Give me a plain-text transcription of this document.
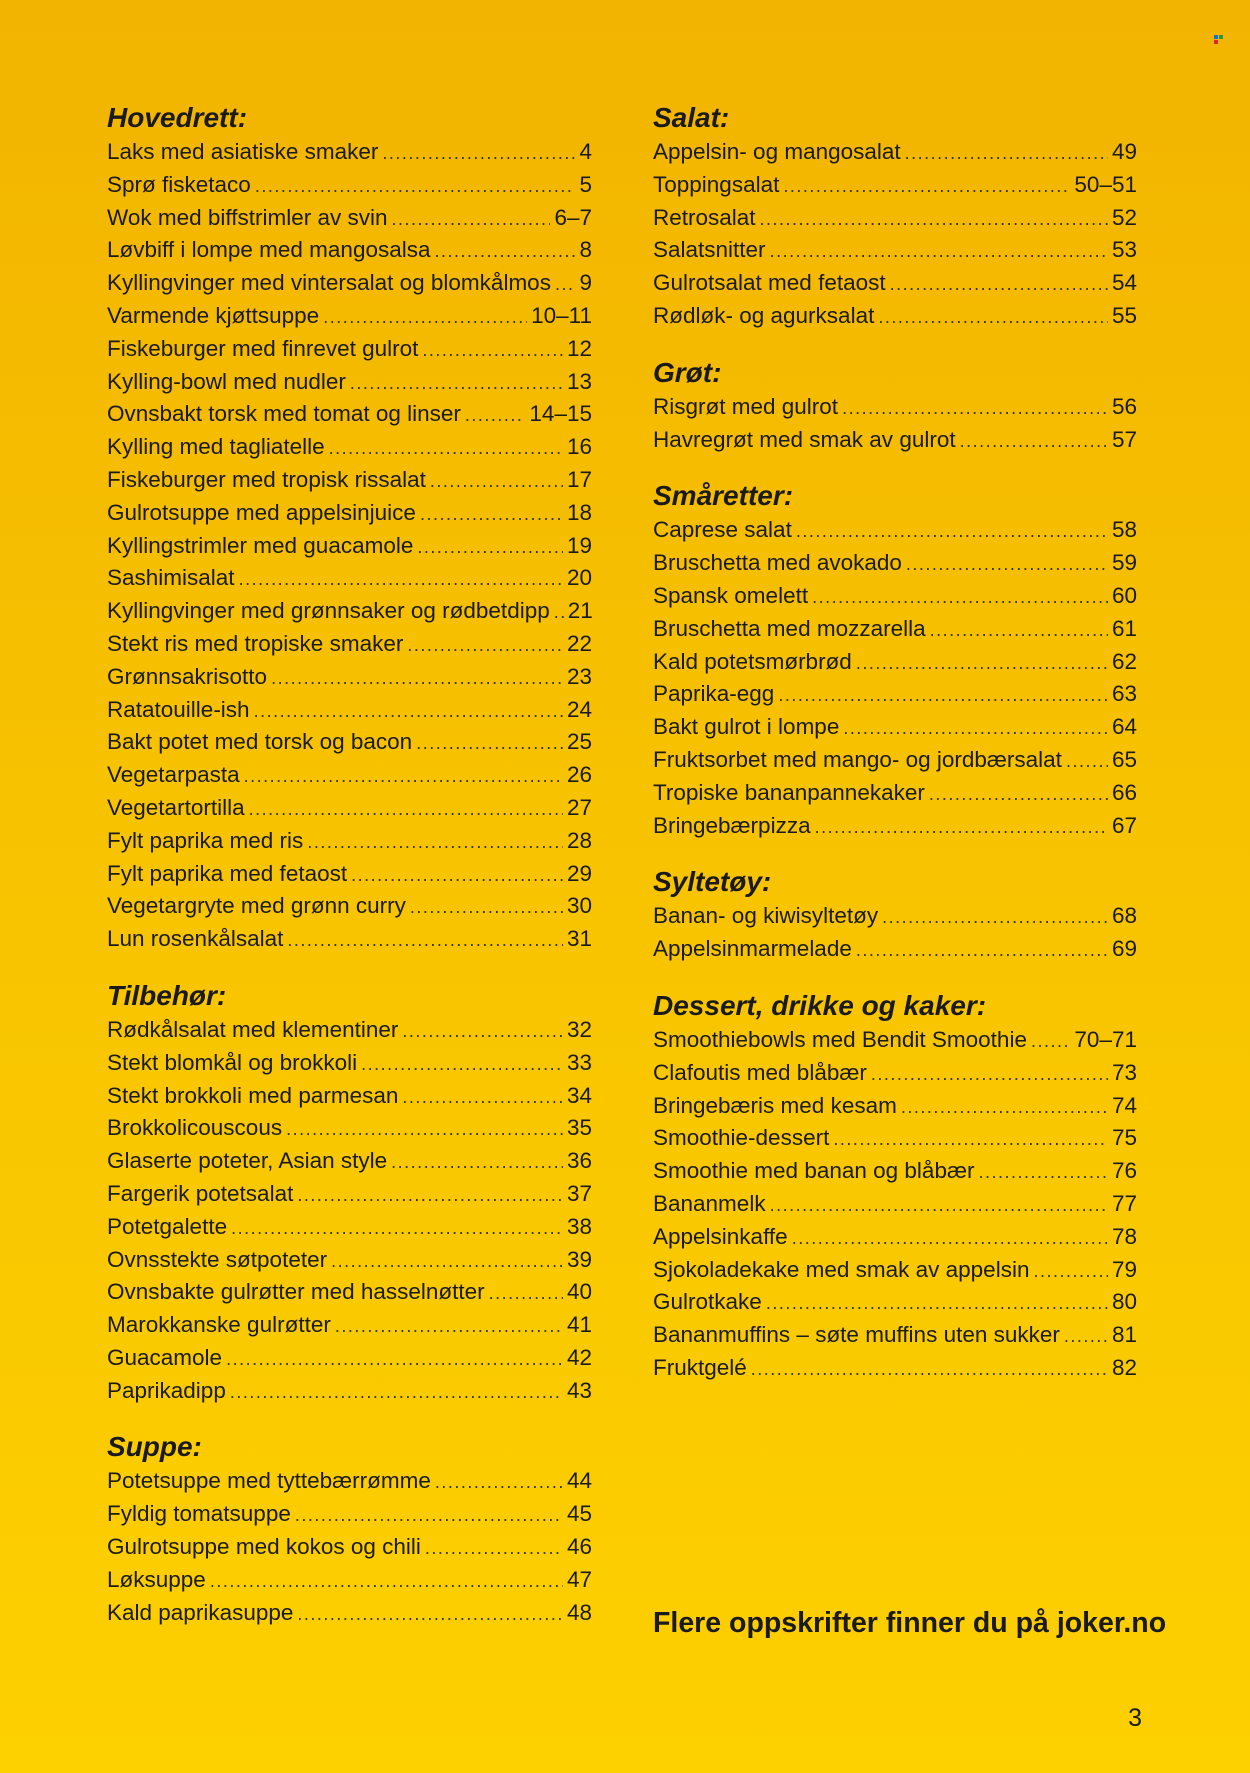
Hovedrett:
Laks med asiatiske smaker .....	4
Sprø fisketaco .....	5
Wok med biffstrimler av svin .....	6–7
Løvbiff i lompe med mangosalsa .....	8
Kyllingvinger med vintersalat og blomkålmos ..... 9
Varmende kjøttsuppe .....	10–11
Fiskeburger med finrevet gulrot .....	12
Kylling-bowl med nudler .....	13
Ovnsbakt torsk med tomat og linser .....	14–15
Kylling med tagliatelle .....	16
Fiskeburger med tropisk rissalat .....	17
Gulrotsuppe med appelsinjuice .....	18
Kyllingstrimler med guacamole .....	19
Sashimisalat .....	20
Kyllingvinger med grønnsaker og rødbetdipp ..... 21
Stekt ris med tropiske smaker .....	22
Grønnsakrisotto .....	23
Ratatouille-ish .....	24
Bakt potet med torsk og bacon .....	25
Vegetarpasta .....	26
Vegetartortilla .....	27
Fylt paprika med ris .....	28
Fylt paprika med fetaost .....	29
Vegetargryte med grønn curry .....	30
Lun rosenkålsalat .....	31
Tilbehør:
Rødkålsalat med klementiner .....	32
Stekt blomkål og brokkoli .....	33
Stekt brokkoli med parmesan .....	34
Brokkolicouscous .....	35
Glaserte poteter, Asian style .....	36
Fargerik potetsalat .....	37
Potetgalette .....	38
Ovnsstekte søtpoteter .....	39
Ovnsbakte gulrøtter med hasselnøtter .....	40
Marokkanske gulrøtter .....	41
Guacamole .....	42
Paprikadipp .....	43
Suppe:
Potetsuppe med tyttebærrømme .....	44
Fyldig tomatsuppe .....	45
Gulrotsuppe med kokos og chili .....	46
Løksuppe .....	47
Kald paprikasuppe .....	48
Salat:
Appelsin- og mangosalat .....	49
Toppingsalat .....	50–51
Retrosalat .....	52
Salatsnitter .....	53
Gulrotsalat med fetaost .....	54
Rødløk- og agurksalat .....	55
Grøt:
Risgrøt med gulrot .....	56
Havregrøt med smak av gulrot .....	57
Småretter:
Caprese salat .....	58
Bruschetta med avokado .....	59
Spansk omelett .....	60
Bruschetta med mozzarella .....	61
Kald potetsmørbrød .....	62
Paprika-egg .....	63
Bakt gulrot i lompe .....	64
Fruktsorbet med mango- og jordbærsalat ..... 65
Tropiske bananpannekaker .....	66
Bringebærpizza .....	67
Syltetøy:
Banan- og kiwisyltetøy .....	68
Appelsinmarmelade .....	69
Dessert, drikke og kaker:
Smoothiebowls med Bendit Smoothie ..... 70–71
Clafoutis med blåbær .....	73
Bringebæris med kesam .....	74
Smoothie-dessert .....	75
Smoothie med banan og blåbær .....	76
Bananmelk .....	77
Appelsinkaffe .....	78
Sjokoladekake med smak av appelsin .....	79
Gulrotkake .....	80
Bananmuffins – søte muffins uten sukker ..... 81
Fruktgelé .....	82
Flere oppskrifter finner du på joker.no
3
